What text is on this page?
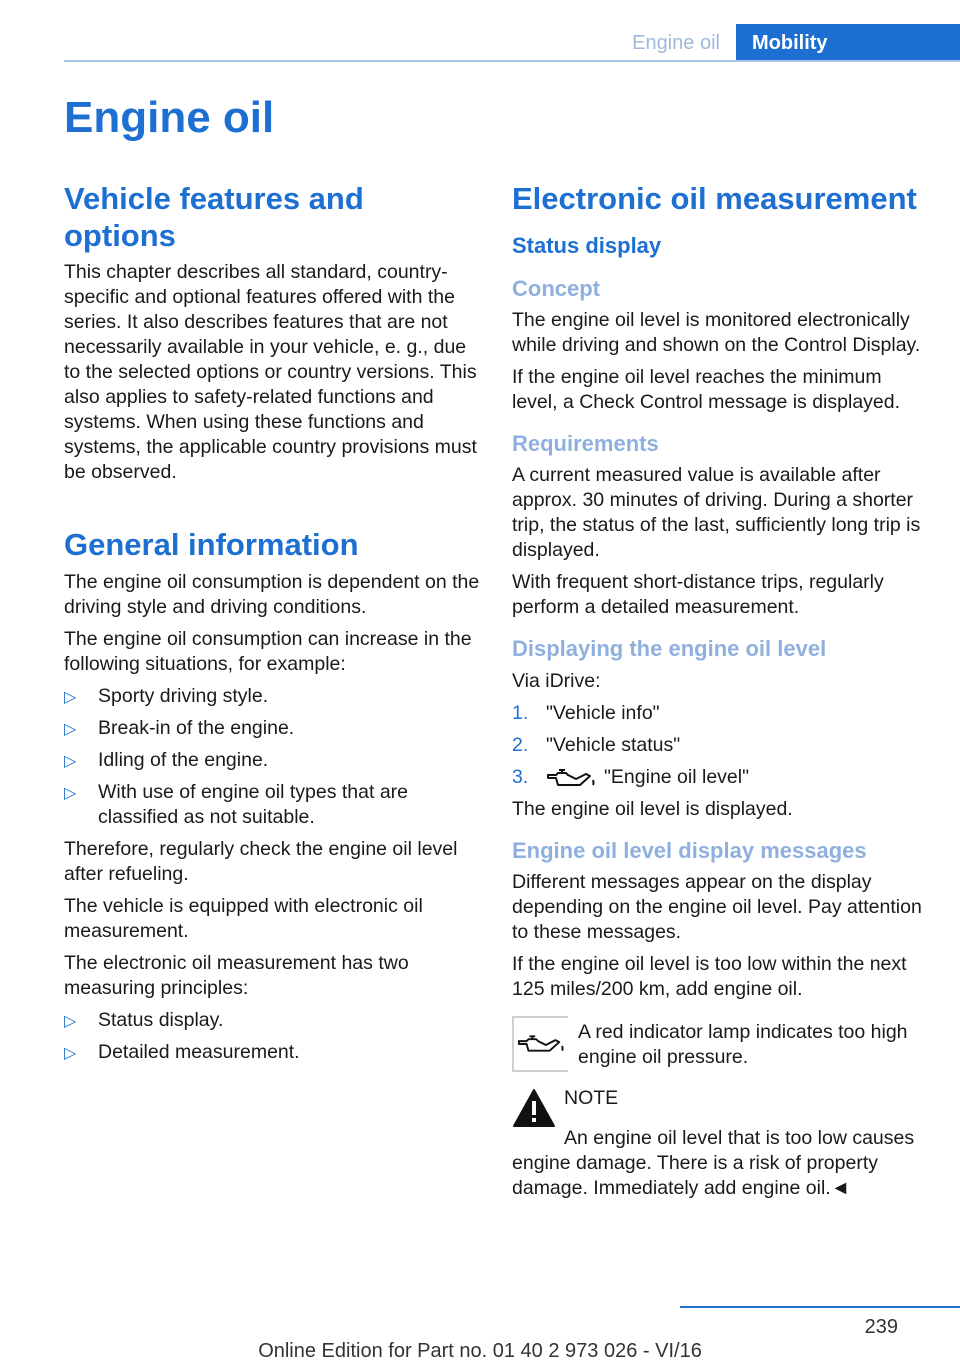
Engine oil	Mobility
Engine oil
Vehicle features and options

This chapter describes all standard, country-specific and optional features offered with the series. It also describes features that are not necessarily available in your vehicle, e. g., due to the selected options or country versions. This also applies to safety-related functions and systems. When using these functions and systems, the applicable country provisions must be observed.

General information

The engine oil consumption is dependent on the driving style and driving conditions.

The engine oil consumption can increase in the following situations, for example:

▷	Sporty driving style.
▷	Break-in of the engine.
▷	Idling of the engine.
▷	With use of engine oil types that are classified as not suitable.

Therefore, regularly check the engine oil level after refueling.

The vehicle is equipped with electronic oil measurement.

The electronic oil measurement has two measuring principles:

▷	Status display.
▷	Detailed measurement.
Electronic oil measurement
Status display
Concept

The engine oil level is monitored electronically while driving and shown on the Control Display.

If the engine oil level reaches the minimum level, a Check Control message is displayed.

Requirements

A current measured value is available after approx. 30 minutes of driving. During a shorter trip, the status of the last, sufficiently long trip is displayed.

With frequent short-distance trips, regularly perform a detailed measurement.

Displaying the engine oil level

Via iDrive:

1. "Vehicle info"
2. "Vehicle status"
3.	"Engine oil level"

The engine oil level is displayed.

Engine oil level display messages

Different messages appear on the display depending on the engine oil level. Pay attention to these messages.

If the engine oil level is too low within the next 125 miles/200 km, add engine oil.

A red indicator lamp indicates too high engine oil pressure.
NOTE

An engine oil level that is too low causes engine damage. There is a risk of property damage. Immediately add engine oil.◄

239
Online Edition for Part no. 01 40 2 973 026 - VI/16
